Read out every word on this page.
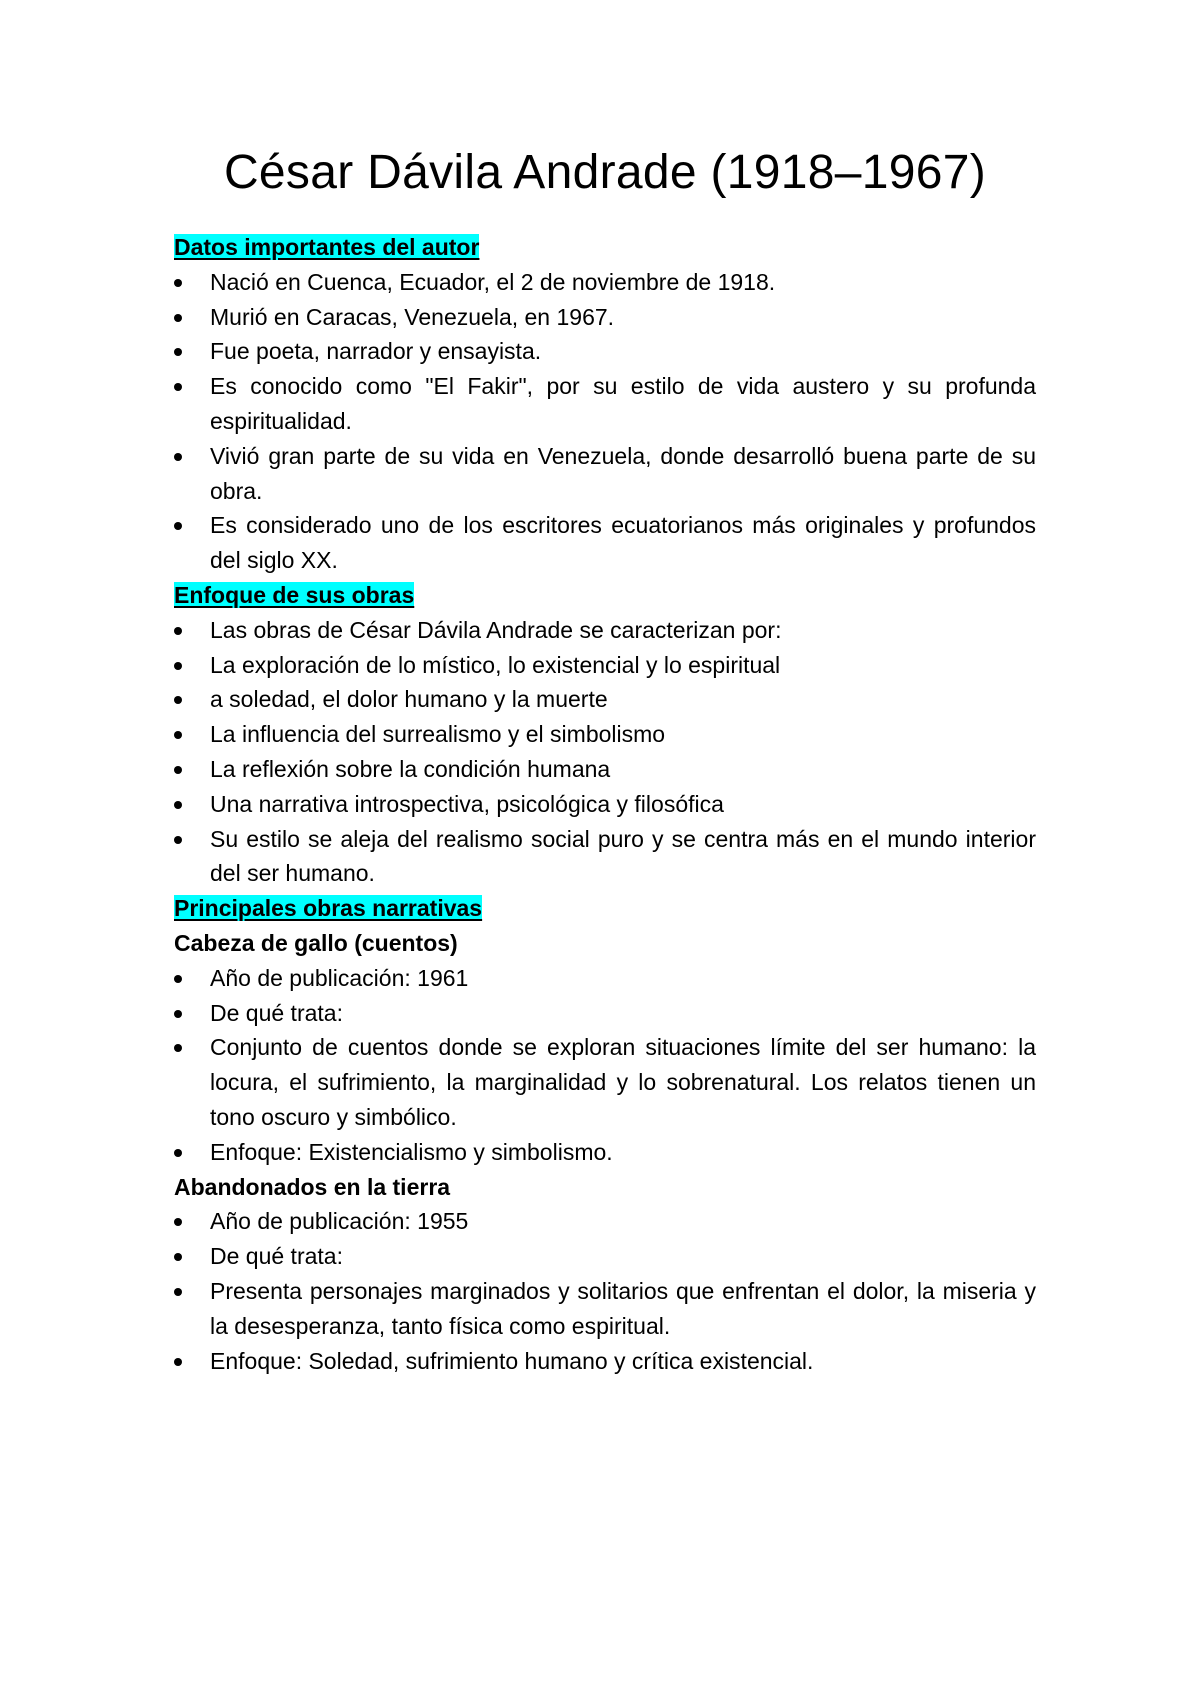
César Dávila Andrade (1918–1967)

Datos importantes del autor

Nació en Cuenca, Ecuador, el 2 de noviembre de 1918.
Murió en Caracas, Venezuela, en 1967.
Fue poeta, narrador y ensayista.
Es conocido como "El Fakir", por su estilo de vida austero y su profunda espiritualidad.
Vivió gran parte de su vida en Venezuela, donde desarrolló buena parte de su obra.
Es considerado uno de los escritores ecuatorianos más originales y profundos del siglo XX.

Enfoque de sus obras

Las obras de César Dávila Andrade se caracterizan por:
La exploración de lo místico, lo existencial y lo espiritual
a soledad, el dolor humano y la muerte
La influencia del surrealismo y el simbolismo
La reflexión sobre la condición humana
Una narrativa introspectiva, psicológica y filosófica
Su estilo se aleja del realismo social puro y se centra más en el mundo interior del ser humano.

Principales obras narrativas

Cabeza de gallo (cuentos)

Año de publicación: 1961
De qué trata:
Conjunto de cuentos donde se exploran situaciones límite del ser humano: la locura, el sufrimiento, la marginalidad y lo sobrenatural. Los relatos tienen un tono oscuro y simbólico.
Enfoque: Existencialismo y simbolismo.

Abandonados en la tierra

Año de publicación: 1955
De qué trata:
Presenta personajes marginados y solitarios que enfrentan el dolor, la miseria y la desesperanza, tanto física como espiritual.
Enfoque: Soledad, sufrimiento humano y crítica existencial.
